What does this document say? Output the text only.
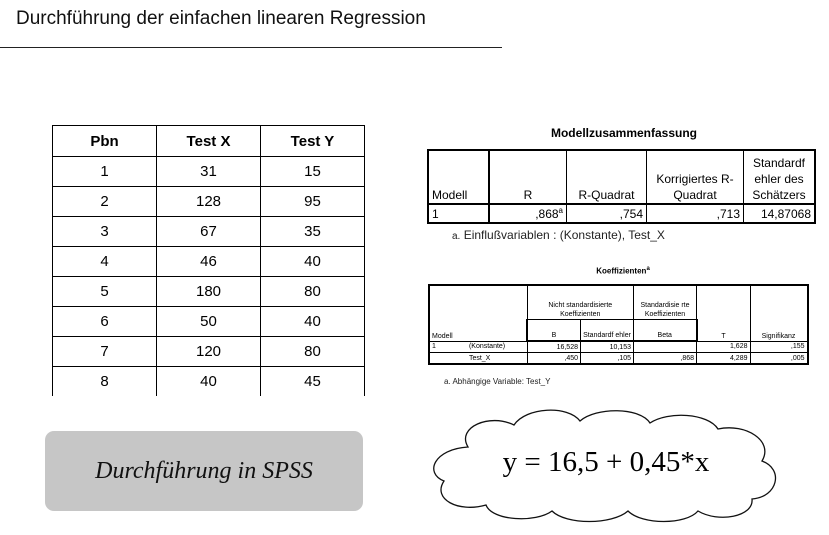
Durchführung der einfachen linearen Regression
Pbn	Test X	Test Y
1	31	15
2	128	95
3	67	35
4	46	40
5	180	80
6	50	40
7	120	80
8	40	45
Durchführung in SPSS
Modellzusammenfassung
Modell	R	R-Quadrat	Korrigiertes R-Quadrat	Standardf ehler des Schätzers
1	,868$^a$	,754	,713	14,87068
a. Einflußvariablen : (Konstante), Test_X
Koeffizienten$^a$
Modell		Nicht standardisierte Koeffizienten		Standardisie rte Koeffizienten	T	Signifikanz
		B	Standardf ehler	Beta		
1	(Konstante)	16,528	10,153		1,628	,155
	Test_X	,450	,105	,868	4,289	,005
a. Abhängige Variable: Test_Y
y = 16,5 + 0,45*x
